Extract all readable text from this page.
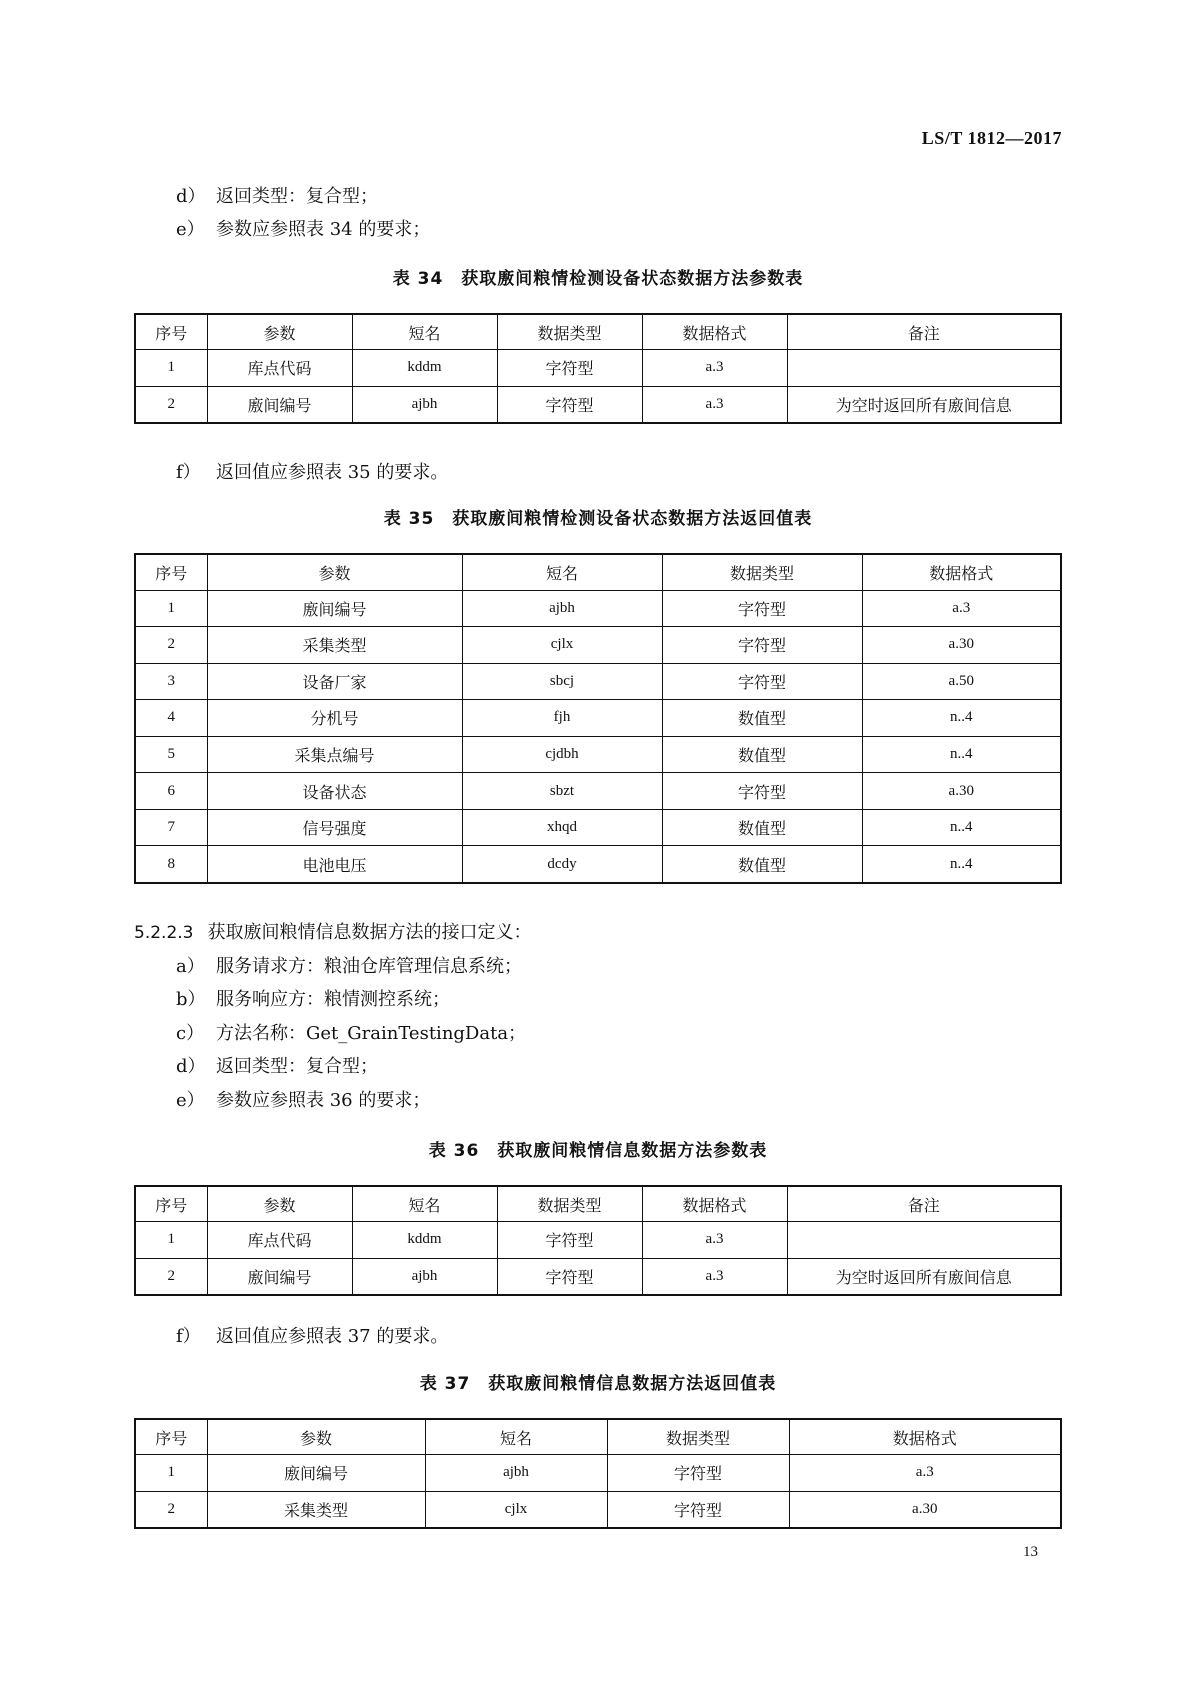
LS/T 1812—2017
d） 返回类型：复合型；
e） 参数应参照表 34 的要求；
表 34　获取廒间粮情检测设备状态数据方法参数表
序号	参数	短名	数据类型	数据格式	备注
1	库点代码	kddm	字符型	a.3	
2	廒间编号	ajbh	字符型	a.3	为空时返回所有廒间信息
f） 返回值应参照表 35 的要求。
表 35　获取廒间粮情检测设备状态数据方法返回值表
序号	参数	短名	数据类型	数据格式
1	廒间编号	ajbh	字符型	a.3
2	采集类型	cjlx	字符型	a.30
3	设备厂家	sbcj	字符型	a.50
4	分机号	fjh	数值型	n..4
5	采集点编号	cjdbh	数值型	n..4
6	设备状态	sbzt	字符型	a.30
7	信号强度	xhqd	数值型	n..4
8	电池电压	dcdy	数值型	n..4
5.2.2.3 获取廒间粮情信息数据方法的接口定义：
a） 服务请求方：粮油仓库管理信息系统；
b） 服务响应方：粮情测控系统；
c） 方法名称：Get_GrainTestingData；
d） 返回类型：复合型；
e） 参数应参照表 36 的要求；
表 36　获取廒间粮情信息数据方法参数表
序号	参数	短名	数据类型	数据格式	备注
1	库点代码	kddm	字符型	a.3	
2	廒间编号	ajbh	字符型	a.3	为空时返回所有廒间信息
f） 返回值应参照表 37 的要求。
表 37　获取廒间粮情信息数据方法返回值表
序号	参数	短名	数据类型	数据格式
1	廒间编号	ajbh	字符型	a.3
2	采集类型	cjlx	字符型	a.30
13
